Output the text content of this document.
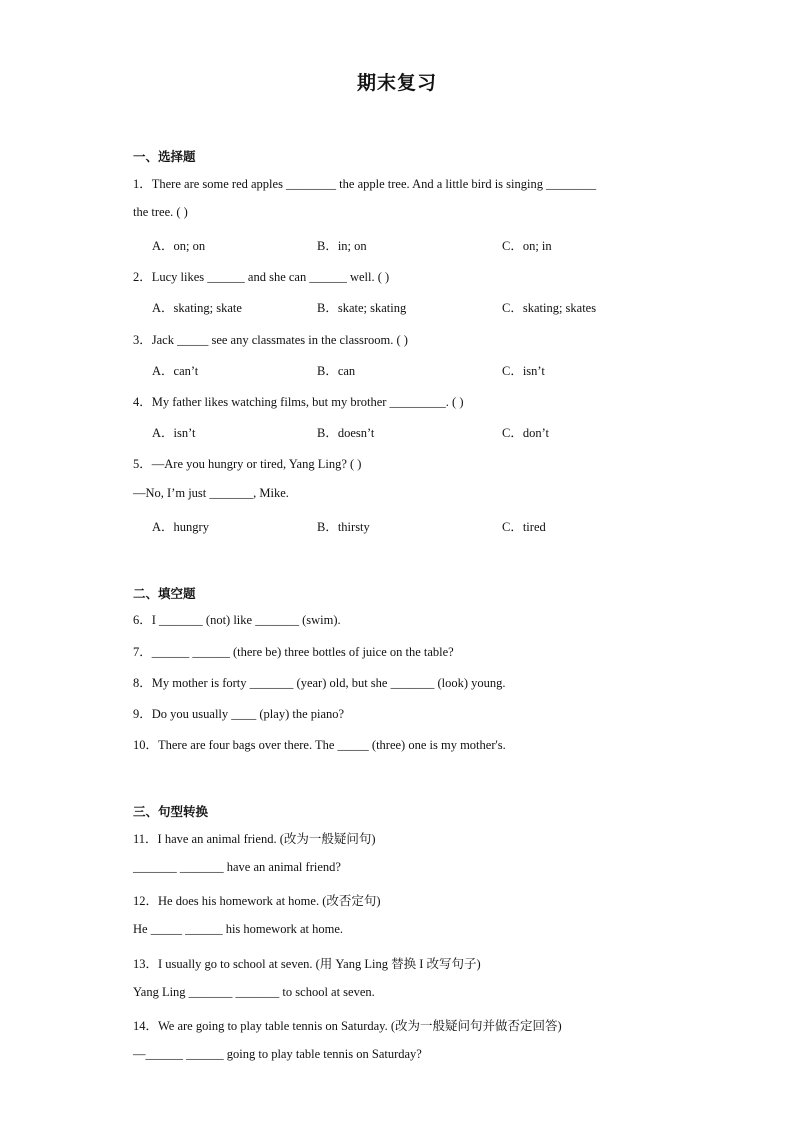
期末复习
一、选择题
1．There are some red apples ________ the apple tree. And a little bird is singing ________
the tree. ( )
A．on; on	B．in; on	C．on; in
2．Lucy likes ______ and she can ______ well. ( )
A．skating; skate	B．skate; skating	C．skating; skates
3．Jack _____ see any classmates in the classroom. ( )
A．can’t	B．can	C．isn’t
4．My father likes watching films, but my brother _________. ( )
A．isn’t	B．doesn’t	C．don’t
5．—Are you hungry or tired, Yang Ling? ( )
—No, I’m just _______, Mike.
A．hungry	B．thirsty	C．tired
二、填空题
6．I _______ (not) like _______ (swim).
7．______ ______ (there be) three bottles of juice on the table?
8．My mother is forty _______ (year) old, but she _______ (look) young.
9．Do you usually ____ (play) the piano?
10．There are four bags over there. The _____ (three) one is my mother's.
三、句型转换
11．I have an animal friend. (改为一般疑问句)
_______ _______ have an animal friend?
12．He does his homework at home. (改否定句)
He _____ ______ his homework at home.
13．I usually go to school at seven. (用 Yang Ling 替换 I 改写句子)
Yang Ling _______ _______ to school at seven.
14．We are going to play table tennis on Saturday. (改为一般疑问句并做否定回答)
—______ ______ going to play table tennis on Saturday?
